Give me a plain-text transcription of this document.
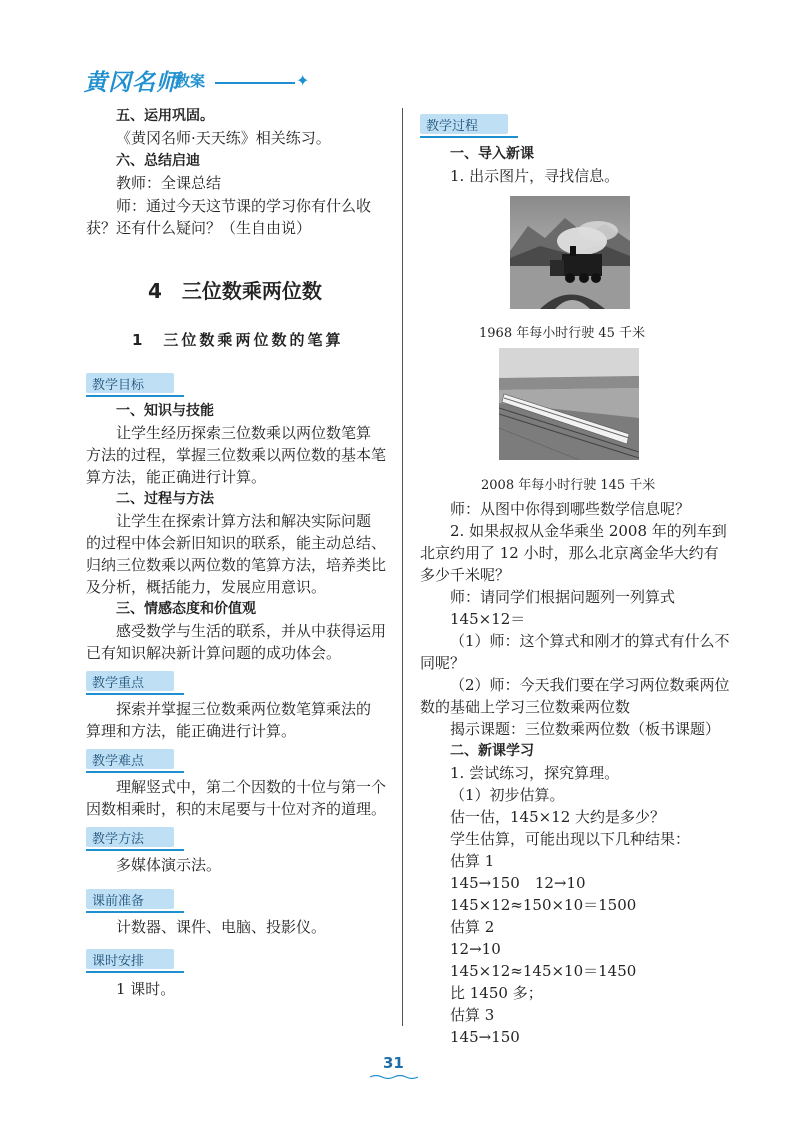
黄冈名师
教案	✦
五、运用巩固。
《黄冈名师·天天练》相关练习。
六、总结启迪
教师：全课总结
师：通过今天这节课的学习你有什么收
获？还有什么疑问？（生自由说）
4　三位数乘两位数
1　三位数乘两位数的笔算
教学目标
一、知识与技能
让学生经历探索三位数乘以两位数笔算
方法的过程，掌握三位数乘以两位数的基本笔
算方法，能正确进行计算。
二、过程与方法
让学生在探索计算方法和解决实际问题
的过程中体会新旧知识的联系，能主动总结、
归纳三位数乘以两位数的笔算方法，培养类比
及分析，概括能力，发展应用意识。
三、情感态度和价值观
感受数学与生活的联系，并从中获得运用
已有知识解决新计算问题的成功体会。
教学重点
探索并掌握三位数乘两位数笔算乘法的
算理和方法，能正确进行计算。
教学难点
理解竖式中，第二个因数的十位与第一个
因数相乘时，积的末尾要与十位对齐的道理。
教学方法
多媒体演示法。
课前准备
计数器、课件、电脑、投影仪。
课时安排
1 课时。
教学过程
一、导入新课
1. 出示图片，寻找信息。
1968 年每小时行驶 45 千米
2008 年每小时行驶 145 千米
师：从图中你得到哪些数学信息呢？
2. 如果叔叔从金华乘坐 2008 年的列车到
北京约用了 12 小时，那么北京离金华大约有
多少千米呢？
师：请同学们根据问题列一列算式
145×12＝
（1）师：这个算式和刚才的算式有什么不
同呢？
（2）师：今天我们要在学习两位数乘两位
数的基础上学习三位数乘两位数
揭示课题：三位数乘两位数（板书课题）
二、新课学习
1. 尝试练习，探究算理。
（1）初步估算。
估一估，145×12 大约是多少？
学生估算，可能出现以下几种结果：
估算 1
145→150　12→10
145×12≈150×10＝1500
估算 2
12→10
145×12≈145×10＝1450
比 1450 多；
估算 3
145→150
31
